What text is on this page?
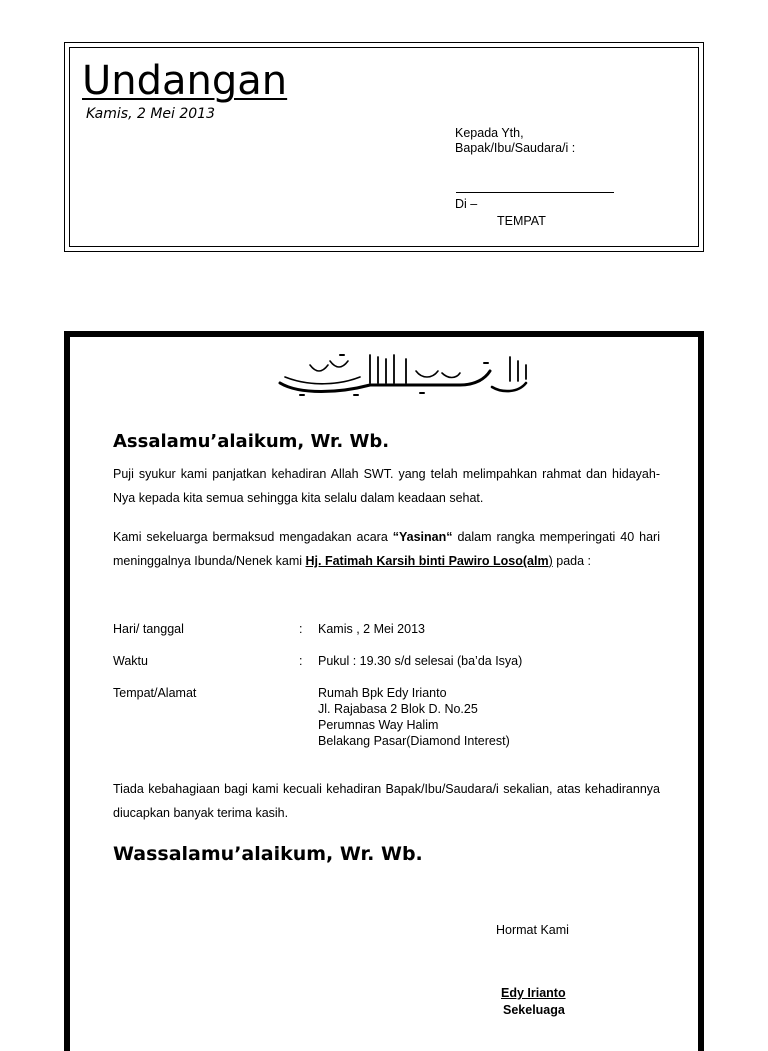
Undangan
Kamis, 2 Mei 2013
Kepada Yth,
Bapak/Ibu/Saudara/i :
Di –
TEMPAT
Assalamu’alaikum, Wr. Wb.

Puji syukur kami panjatkan kehadiran Allah SWT. yang telah melimpahkan rahmat dan hidayah-Nya kepada kita semua sehingga kita selalu dalam keadaan sehat.

Kami sekeluarga bermaksud mengadakan acara “Yasinan“ dalam rangka memperingati 40 hari meninggalnya Ibunda/Nenek kami Hj. Fatimah Karsih binti Pawiro Loso(alm) pada :

Hari/ tanggal	: Kamis , 2 Mei 2013
Waktu	: Pukul : 19.30 s/d selesai (ba’da Isya)
Tempat/Alamat	Rumah Bpk Edy Irianto
Jl. Rajabasa 2 Blok D. No.25
Perumnas Way Halim
Belakang Pasar(Diamond Interest)

Tiada kebahagiaan bagi kami kecuali kehadiran Bapak/Ibu/Saudara/i sekalian, atas kehadirannya diucapkan banyak terima kasih.

Wassalamu’alaikum, Wr. Wb.
Hormat Kami
Edy Irianto
Sekeluaga
